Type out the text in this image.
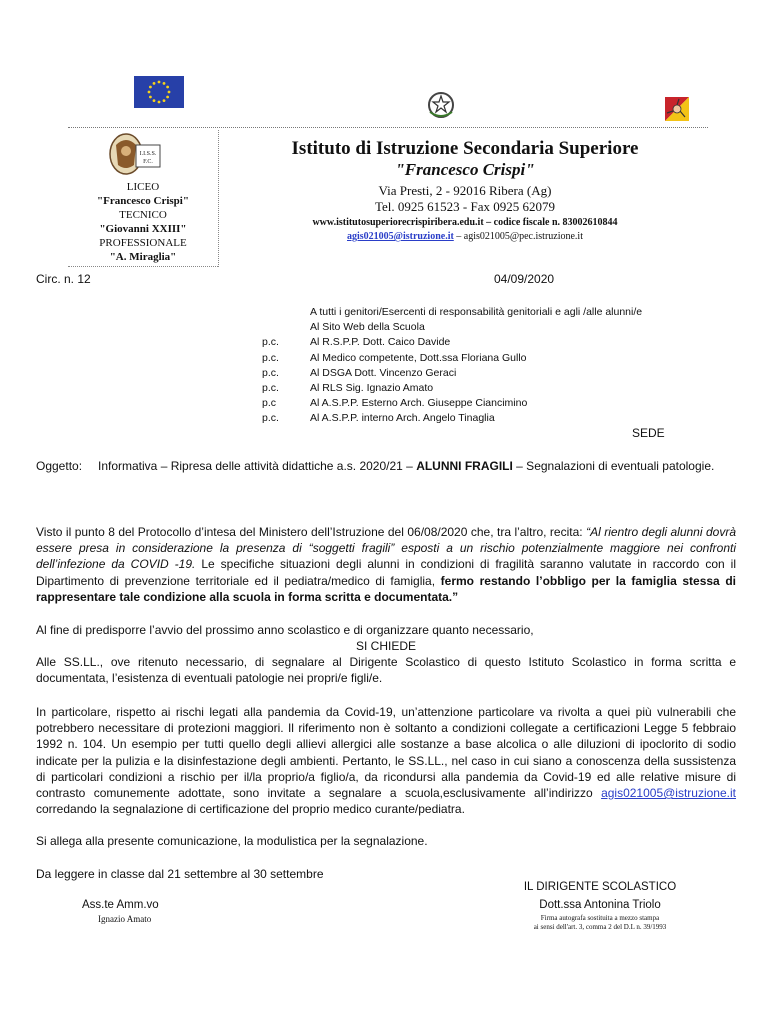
I.I.S.S.
F.C.
LICEO
"Francesco Crispi"
TECNICO
"Giovanni XXIII"
PROFESSIONALE
"A. Miraglia"
Istituto di Istruzione Secondaria Superiore
"Francesco Crispi"
Via Presti, 2 - 92016 Ribera (Ag)
Tel. 0925 61523 - Fax 0925 62079
www.istitutosuperiorecrispiribera.edu.it – codice fiscale n. 83002610844
agis021005@istruzione.it – agis021005@pec.istruzione.it
Circ. n. 12	04/09/2020
A tutti i genitori/Esercenti di responsabilità genitoriali e agli /alle alunni/e
Al Sito Web della Scuola
p.c.	Al R.S.P.P. Dott. Caico Davide
p.c.	Al Medico competente, Dott.ssa Floriana Gullo
p.c.	Al DSGA Dott. Vincenzo Geraci
p.c.	Al RLS Sig. Ignazio Amato
p.c	Al A.S.P.P. Esterno Arch. Giuseppe Ciancimino
p.c.	Al A.S.P.P. interno Arch. Angelo Tinaglia
SEDE
Oggetto: Informativa – Ripresa delle attività didattiche a.s. 2020/21 – ALUNNI FRAGILI – Segnalazioni di eventuali patologie.
Visto il punto 8 del Protocollo d’intesa del Ministero dell’Istruzione del 06/08/2020 che, tra l’altro, recita: “Al rientro degli alunni dovrà essere presa in considerazione la presenza di “soggetti fragili” esposti a un rischio potenzialmente maggiore nei confronti dell’infezione da COVID -19. Le specifiche situazioni degli alunni in condizioni di fragilità saranno valutate in raccordo con il Dipartimento di prevenzione territoriale ed il pediatra/medico di famiglia, fermo restando l’obbligo per la famiglia stessa di rappresentare tale condizione alla scuola in forma scritta e documentata.”
Al fine di predisporre l’avvio del prossimo anno scolastico e di organizzare quanto necessario,
SI CHIEDE
Alle SS.LL., ove ritenuto necessario, di segnalare al Dirigente Scolastico di questo Istituto Scolastico in forma scritta e documentata, l’esistenza di eventuali patologie nei propri/e figli/e.
In particolare, rispetto ai rischi legati alla pandemia da Covid-19, un’attenzione particolare va rivolta a quei più vulnerabili che potrebbero necessitare di protezioni maggiori. Il riferimento non è soltanto a condizioni collegate a certificazioni Legge 5 febbraio 1992 n. 104. Un esempio per tutti quello degli allievi allergici alle sostanze a base alcolica o alle diluzioni di ipoclorito di sodio indicate per la pulizia e la disinfestazione degli ambienti. Pertanto, le SS.LL., nel caso in cui siano a conoscenza della sussistenza di particolari condizioni a rischio per il/la proprio/a figlio/a, da ricondursi alla pandemia da Covid-19 ed alle relative misure di contrasto comunemente adottate, sono invitate a segnalare a scuola,esclusivamente all’indirizzo agis021005@istruzione.it corredando la segnalazione di certificazione del proprio medico curante/pediatra.
Si allega alla presente comunicazione, la modulistica per la segnalazione.
Da leggere in classe dal 21 settembre al 30 settembre
IL DIRIGENTE SCOLASTICO
Dott.ssa Antonina Triolo
Firma autografa sostituita a mezzo stampa
ai sensi dell'art. 3, comma 2 del D.L n. 39/1993
Ass.te Amm.vo
Ignazio Amato
